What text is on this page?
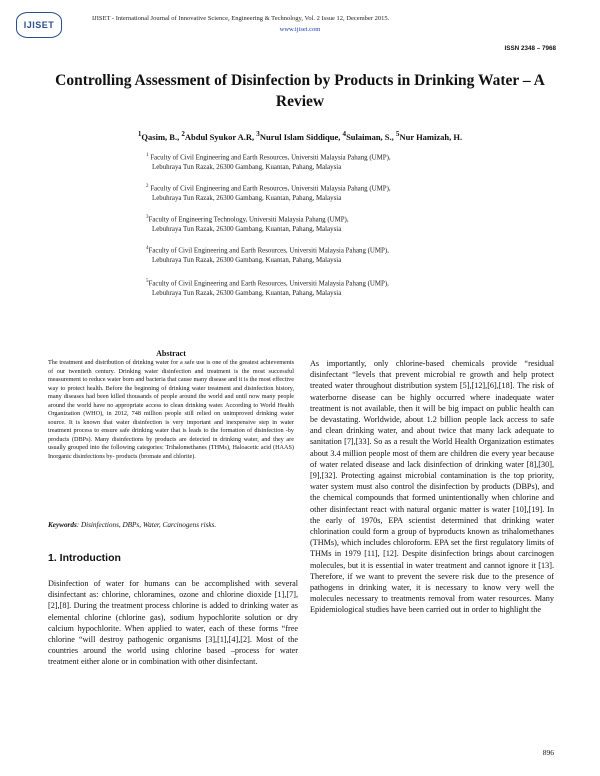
IJISET
IJISET - International Journal of Innovative Science, Engineering & Technology, Vol. 2 Issue 12, December 2015.
www.ijiset.com
ISSN 2348 – 7968
Controlling Assessment of Disinfection by Products in Drinking Water – A Review
$^1$Qasim, B., $^2$Abdul Syukor A.R, $^3$Nurul Islam Siddique, $^4$Sulaiman, S., $^5$Nur Hamizah, H.
$^1$ Faculty of Civil Engineering and Earth Resources, Universiti Malaysia Pahang (UMP),
Lebuhraya Tun Razak, 26300 Gambang, Kuantan, Pahang, Malaysia
$^2$ Faculty of Civil Engineering and Earth Resources, Universiti Malaysia Pahang (UMP),
Lebuhraya Tun Razak, 26300 Gambang, Kuantan, Pahang, Malaysia
$^3$Faculty of Engineering Technology, Universiti Malaysia Pahang (UMP),
Lebuhraya Tun Razak, 26300 Gambang, Kuantan, Pahang, Malaysia
$^4$Faculty of Civil Engineering and Earth Resources, Universiti Malaysia Pahang (UMP),
Lebuhraya Tun Razak, 26300 Gambang, Kuantan, Pahang, Malaysia
$^5$Faculty of Civil Engineering and Earth Resources, Universiti Malaysia Pahang (UMP),
Lebuhraya Tun Razak, 26300 Gambang, Kuantan, Pahang, Malaysia
Abstract
The treatment and distribution of drinking water for a safe use is one of the greatest achievements of our twentieth century. Drinking water disinfection and treatment is the most successful measurement to reduce water born and bacteria that cause many disease and it is the most effective way to protect health. Before the beginning of drinking water treatment and disinfection history, many diseases had been killed thousands of people around the world and until now many people around the world have no appropriate access to clean drinking water. According to World Health Organization (WHO), in 2012, 748 million people still relied on unimproved drinking water source. It is known that water disinfection is very important and inexpensive step in water treatment process to ensure safe drinking water that is leads to the formation of disinfection -by products (DBPs). Many disinfections by products are detected in drinking water, and they are usually grouped into the following categories: Trihalomethanes (THMs), Haloacetic acid (HAAS) Inorganic disinfections by- products (bromate and chlorite).
Keywords: Disinfections, DBPs, Water, Carcinogens risks.
1. Introduction
Disinfection of water for humans can be accomplished with several disinfectant as: chlorine, chloramines, ozone and chlorine dioxide [1],[7],[2],[8]. During the treatment process chlorine is added to drinking water as elemental chlorine (chlorine gas), sodium hypochlorite solution or dry calcium hypochlorite. When applied to water, each of these forms “free chlorine “will destroy pathogenic organisms [3],[1],[4],[2]. Most of the countries around the world using chlorine based –process for water treatment either alone or in combination with other disinfectant.
As importantly, only chlorine-based chemicals provide “residual disinfectant “levels that prevent microbial re growth and help protect treated water throughout distribution system [5],[12],[6],[18]. The risk of waterborne disease can be highly occurred where inadequate water treatment is not available, then it will be big impact on public health can be devastating. Worldwide, about 1.2 billion people lack access to safe and clean drinking water, and about twice that many lack adequate to sanitation [7],[33]. So as a result the World Health Organization estimates about 3.4 million people most of them are children die every year because of water related disease and lack disinfection of drinking water [8],[30],[9],[32]. Protecting against microbial contamination is the top priority, water system must also control the disinfection by products (DBPs), and the chemical compounds that formed unintentionally when chlorine and other disinfectant react with natural organic matter is water [10],[19]. In the early of 1970s, EPA scientist determined that drinking water chlorination could form a group of byproducts known as trihalomethanes (THMs), which includes chloroform. EPA set the first regulatory limits of THMs in 1979 [11], [12]. Despite disinfection brings about carcinogen molecules, but it is essential in water treatment and cannot ignore it [13]. Therefore, if we want to prevent the severe risk due to the presence of pathogens in drinking water, it is necessary to know very well the molecules necessary to treatments removal from water resources. Many Epidemiological studies have been carried out in order to highlight the
896
